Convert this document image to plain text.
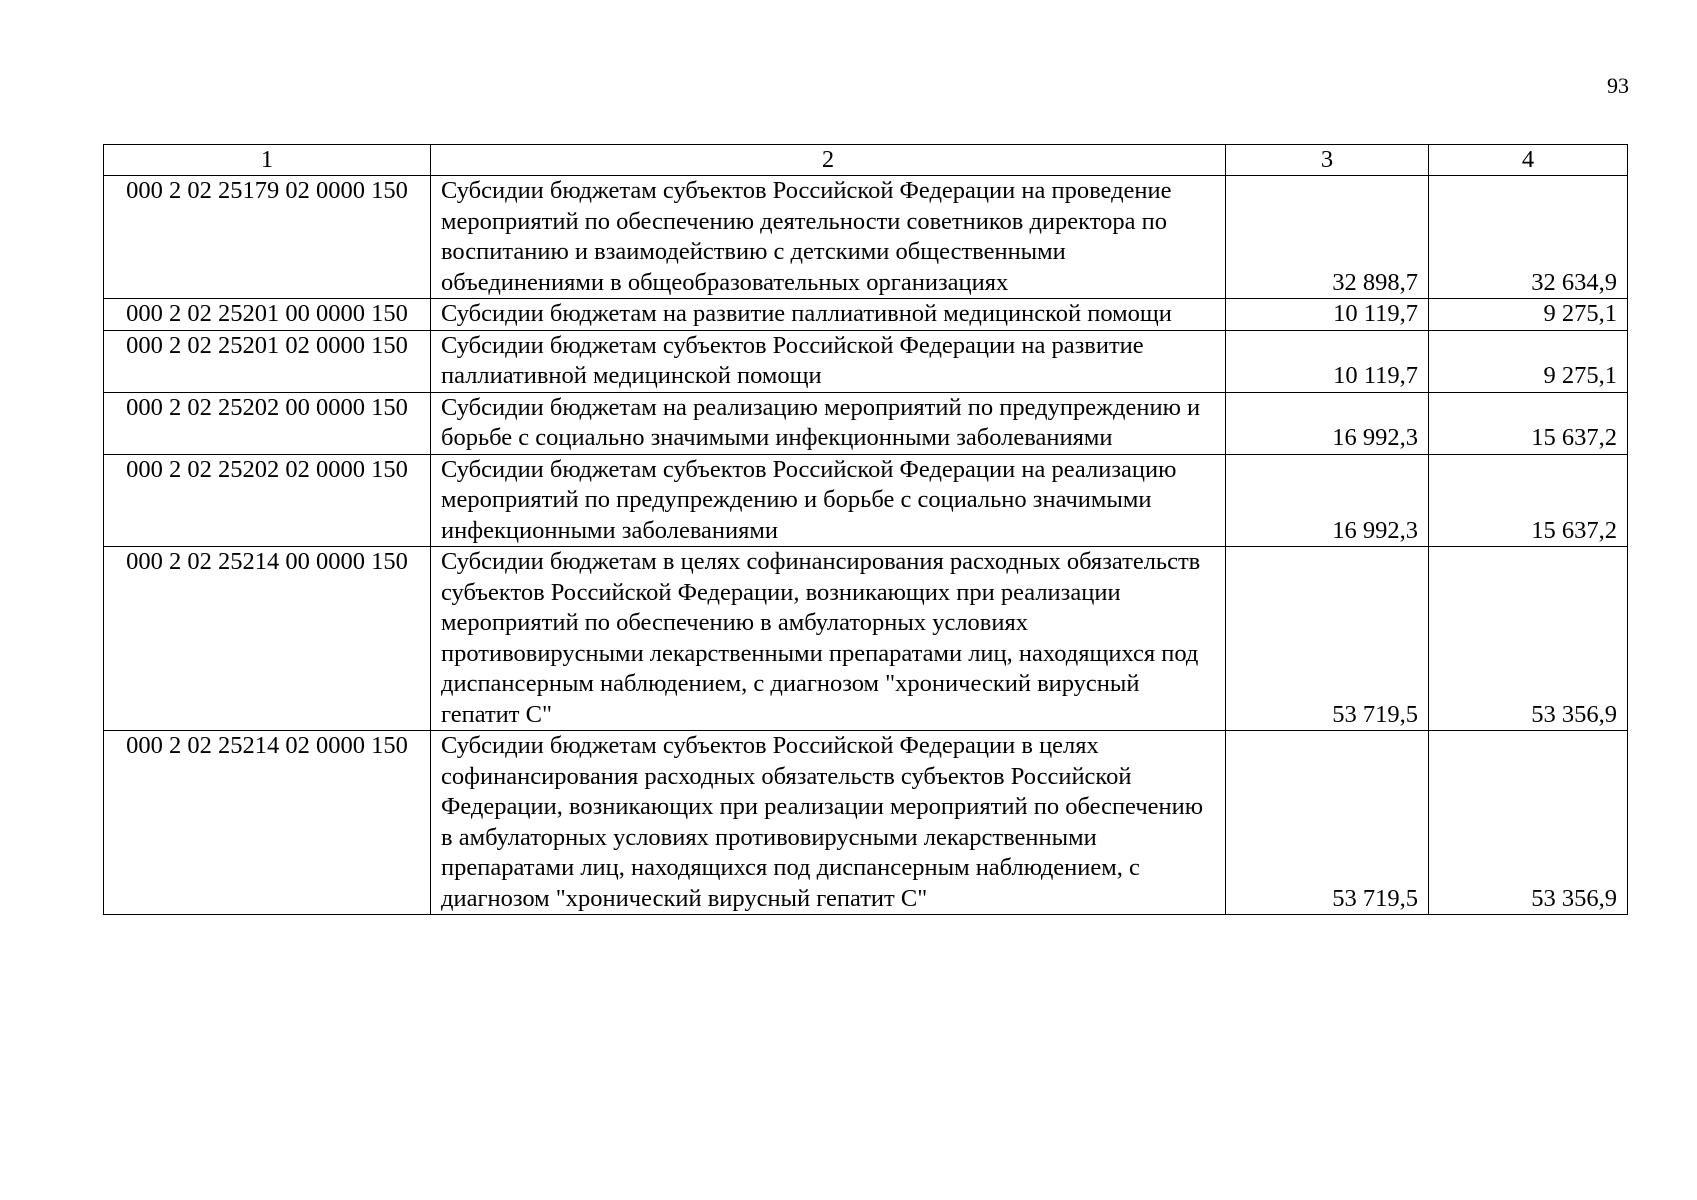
93
1	2	3	4
000 2 02 25179 02 0000 150	Субсидии бюджетам субъектов Российской Федерации на проведение мероприятий по обеспечению деятельности советников директора по воспитанию и взаимодействию с детскими общественными объединениями в общеобразовательных организациях	32 898,7	32 634,9
000 2 02 25201 00 0000 150	Субсидии бюджетам на развитие паллиативной медицинской помощи	10 119,7	9 275,1
000 2 02 25201 02 0000 150	Субсидии бюджетам субъектов Российской Федерации на развитие паллиативной медицинской помощи	10 119,7	9 275,1
000 2 02 25202 00 0000 150	Субсидии бюджетам на реализацию мероприятий по предупреждению и борьбе с социально значимыми инфекционными заболеваниями	16 992,3	15 637,2
000 2 02 25202 02 0000 150	Субсидии бюджетам субъектов Российской Федерации на реализацию мероприятий по предупреждению и борьбе с социально значимыми инфекционными заболеваниями	16 992,3	15 637,2
000 2 02 25214 00 0000 150	Субсидии бюджетам в целях софинансирования расходных обязательств субъектов Российской Федерации, возникающих при реализации мероприятий по обеспечению в амбулаторных условиях противовирусными лекарственными препаратами лиц, находящихся под диспансерным наблюдением, с диагнозом "хронический вирусный гепатит С"	53 719,5	53 356,9
000 2 02 25214 02 0000 150	Субсидии бюджетам субъектов Российской Федерации в целях софинансирования расходных обязательств субъектов Российской Федерации, возникающих при реализации мероприятий по обеспечению в амбулаторных условиях противовирусными лекарственными препаратами лиц, находящихся под диспансерным наблюдением, с диагнозом "хронический вирусный гепатит С"	53 719,5	53 356,9
